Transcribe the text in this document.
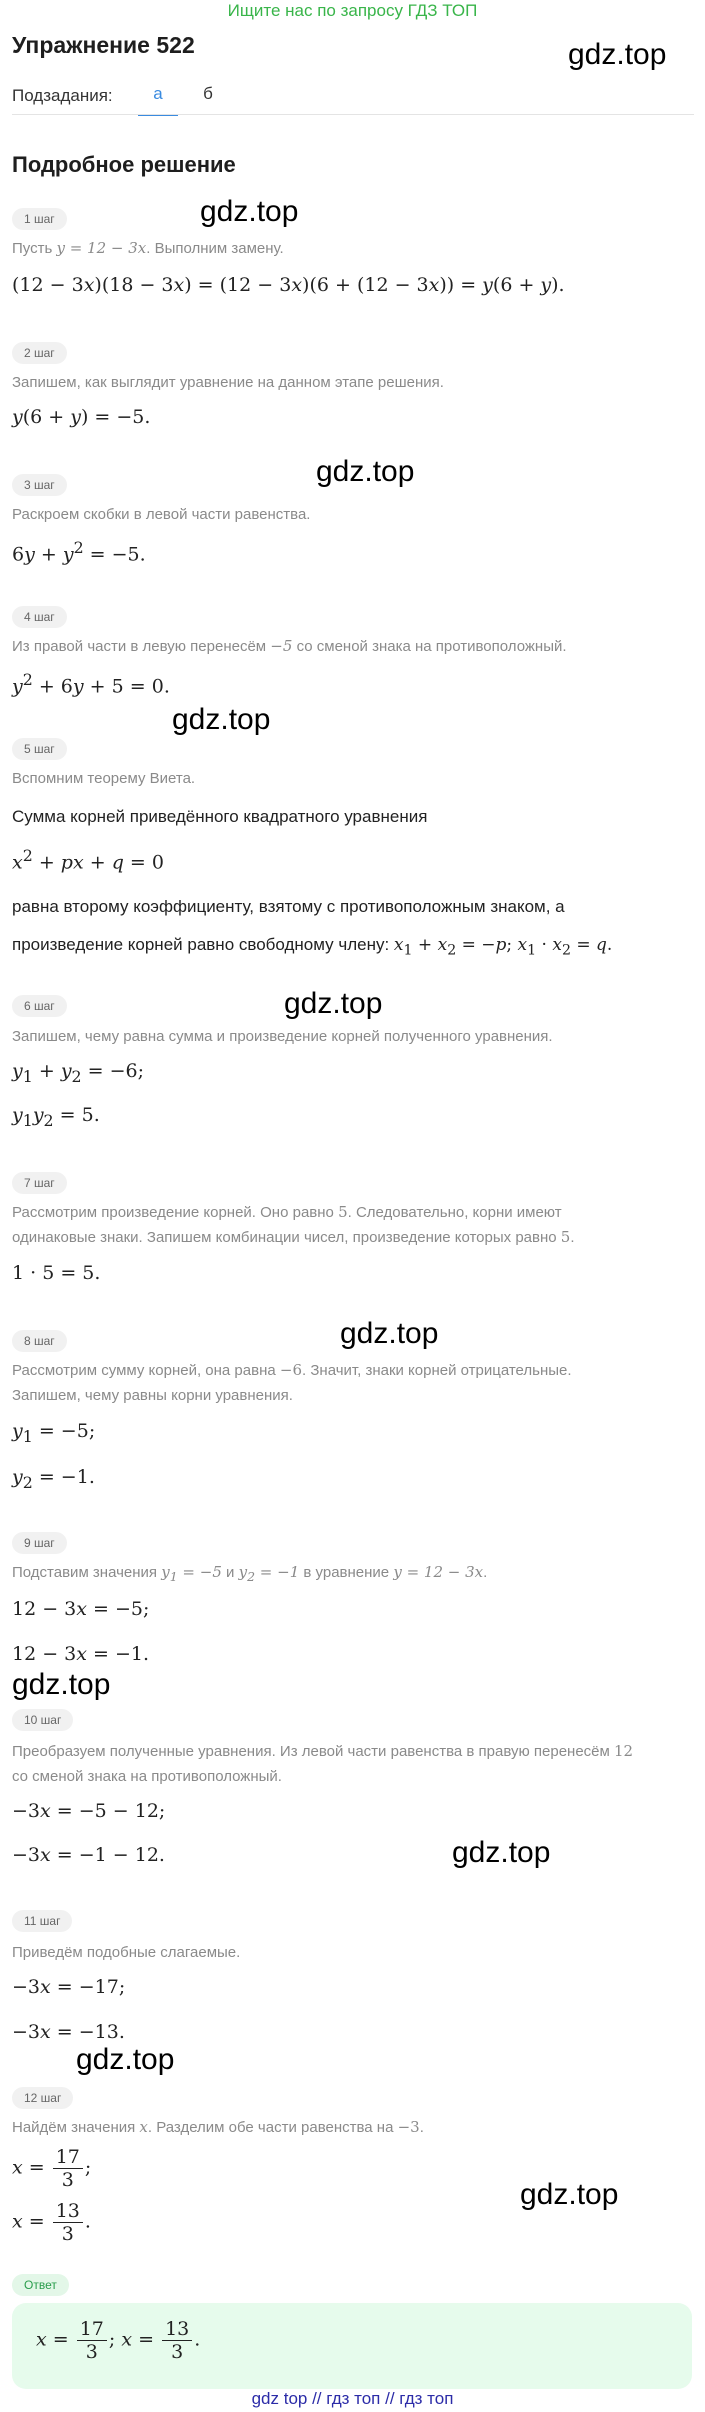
Ищите нас по запросу ГДЗ ТОП
Упражнение 522
Подзадания:	а	б
Подробное решение
gdz.top
gdz.top
gdz.top
gdz.top
gdz.top
gdz.top
gdz.top
gdz.top
gdz.top
gdz.top
1 шаг
Пусть y = 12 − 3x. Выполним замену.
(12 − 3x)(18 − 3x) = (12 − 3x)(6 + (12 − 3x)) = y(6 + y).
2 шаг
Запишем, как выглядит уравнение на данном этапе решения.
y(6 + y) = −5.
3 шаг
Раскроем скобки в левой части равенства.
$6y + y^2 = -5$.
4 шаг
Из правой части в левую перенесём −5 со сменой знака на противоположный.
$y^2 + 6y + 5 = 0$.
5 шаг
Вспомним теорему Виета.
Сумма корней приведённого квадратного уравнения
$x^2$ + px + q = 0
равна второму коэффициенту, взятому с противоположным знаком, а
произведение корней равно свободному члену: $x_1 + x_2 = -p$; $x_1 \cdot x_2 = q$.
6 шаг
Запишем, чему равна сумма и произведение корней полученного уравнения.
$y_1 + y_2 = -6$;
$y_1y_2 = 5$.
7 шаг
Рассмотрим произведение корней. Оно равно 5. Следовательно, корни имеют
одинаковые знаки. Запишем комбинации чисел, произведение которых равно 5.
1 · 5 = 5.
8 шаг
Рассмотрим сумму корней, она равна −6. Значит, знаки корней отрицательные.
Запишем, чему равны корни уравнения.
$y_1 = -5$;
$y_2 = -1$.
9 шаг
Подставим значения $y_1 = -5$ и $y_2 = -1$ в уравнение y = 12 − 3x.
12 − 3x = −5;
12 − 3x = −1.
10 шаг
Преобразуем полученные уравнения. Из левой части равенства в правую перенесём 12
со сменой знака на противоположный.
−3x = −5 − 12;
−3x = −1 − 12.
11 шаг
Приведём подобные слагаемые.
−3x = −17;
−3x = −13.
12 шаг
Найдём значения x. Разделим обе части равенства на −3.
$x = \frac{17}{3}$ ;
$x = \frac{13}{3}$ .
Ответ
$x = \frac{17}{3}$ ; $x = \frac{13}{3}$ .
gdz top // гдз топ // гдз топ
